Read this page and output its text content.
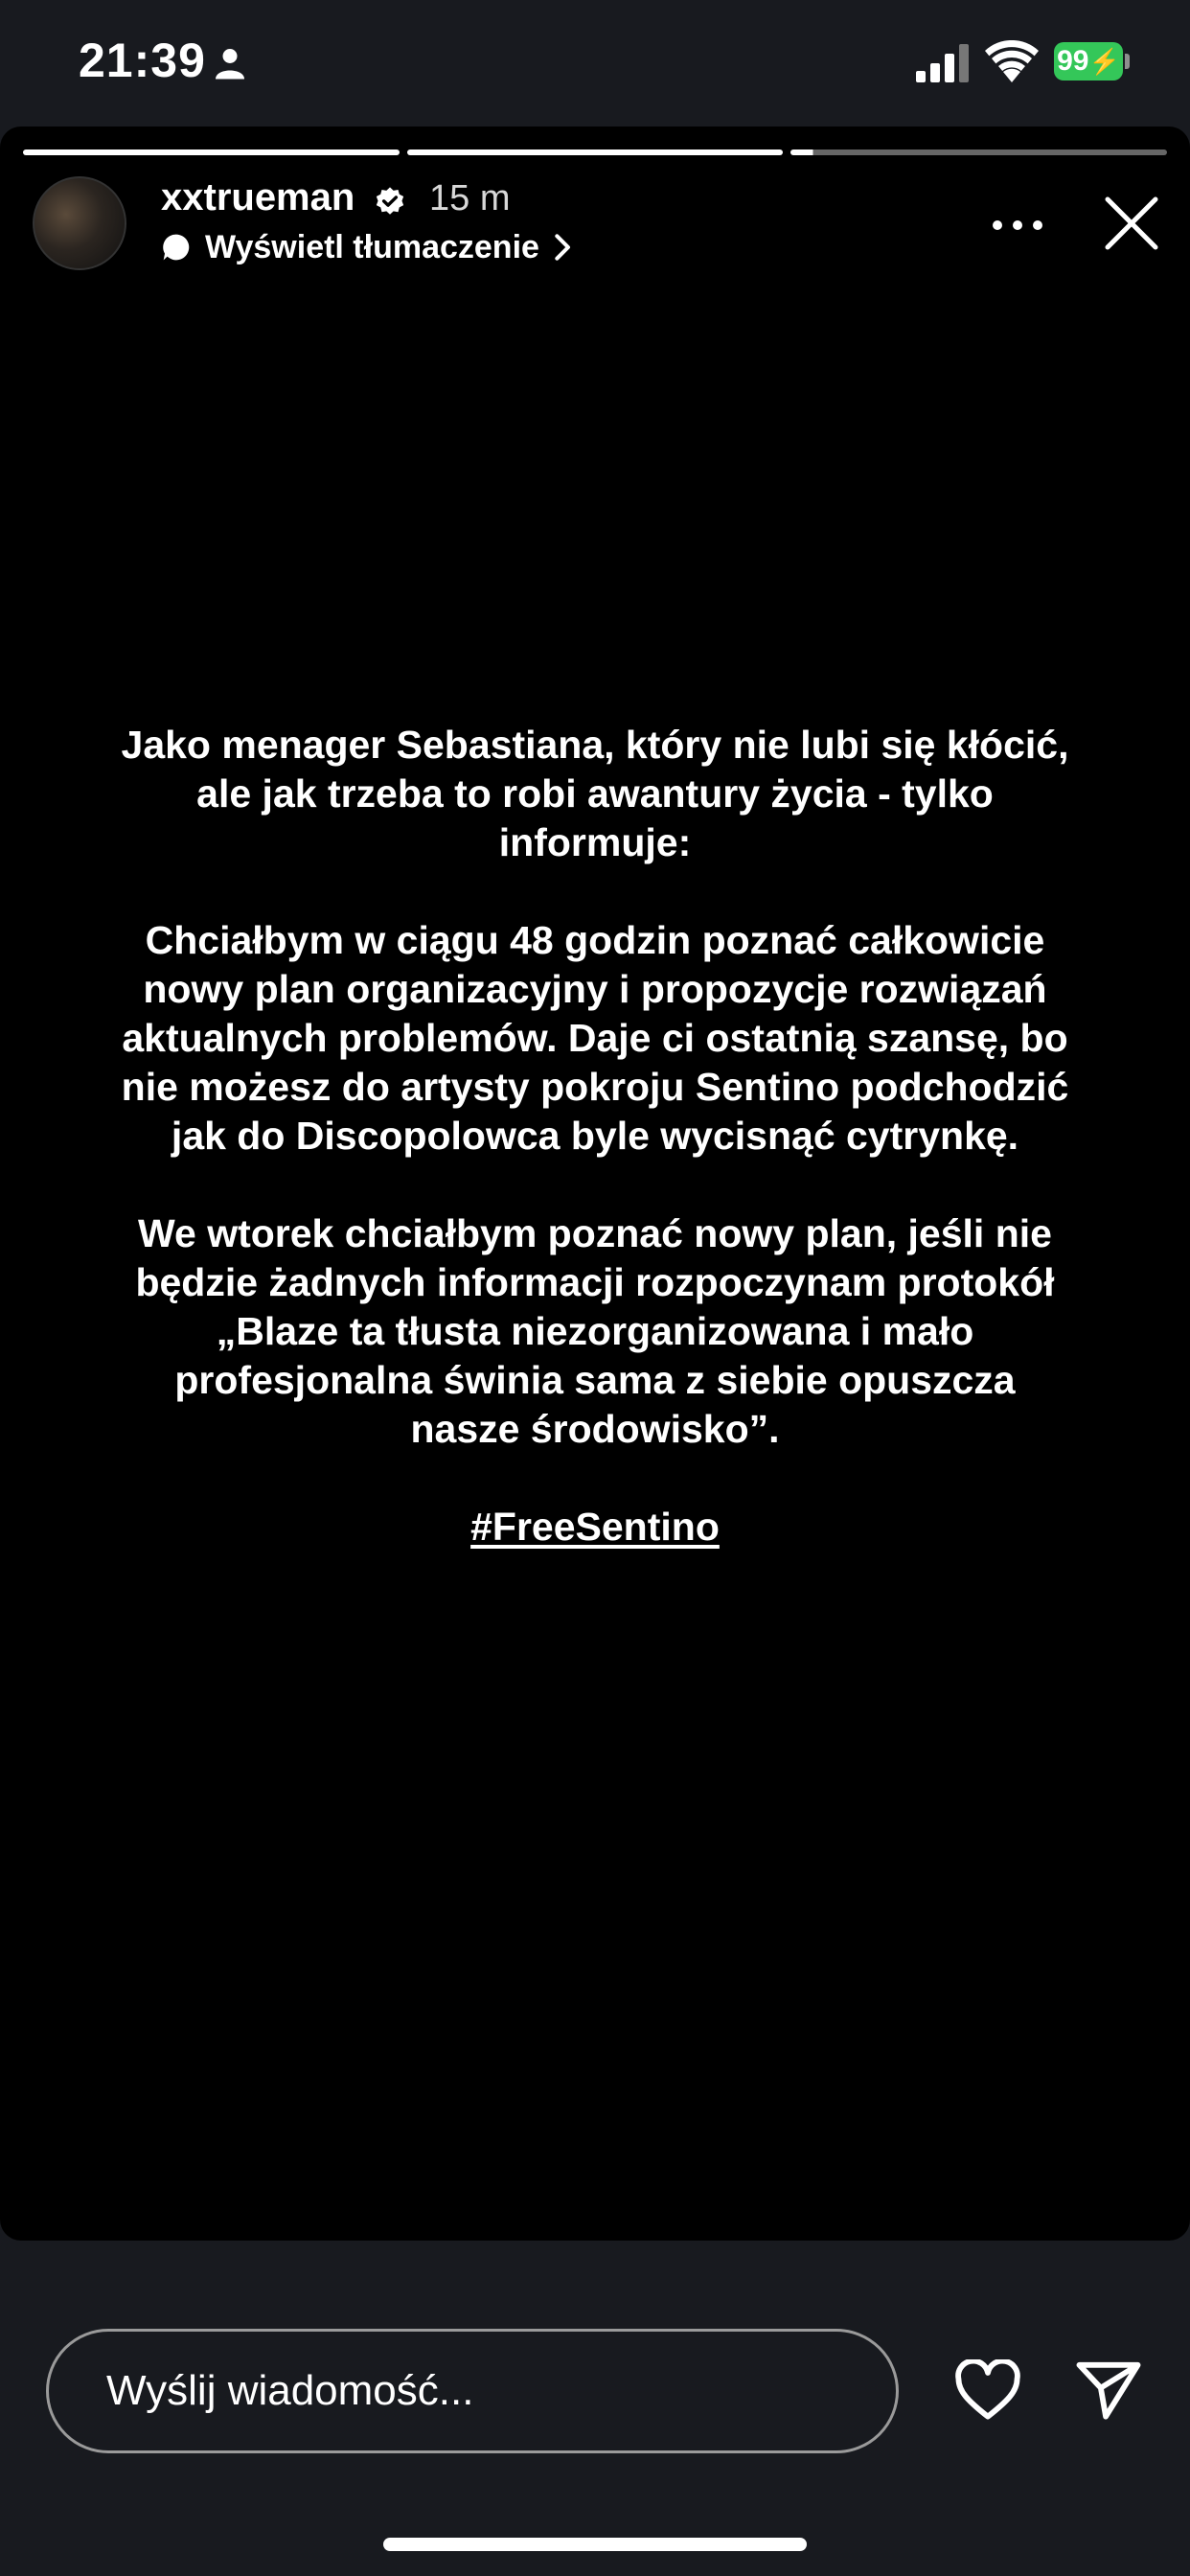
21:39	99 ⚡
xxtrueman 15 m
Wyświetl tłumaczenie

Jako menager Sebastiana, który nie lubi się kłócić, ale jak trzeba to robi awantury życia - tylko informuje:

Chciałbym w ciągu 48 godzin poznać całkowicie nowy plan organizacyjny i propozycje rozwiązań aktualnych problemów. Daje ci ostatnią szansę, bo nie możesz do artysty pokroju Sentino podchodzić jak do Discopolowca byle wycisnąć cytrynkę.

We wtorek chciałbym poznać nowy plan, jeśli nie będzie żadnych informacji rozpoczynam protokół „Blaze ta tłusta niezorganizowana i mało profesjonalna świnia sama z siebie opuszcza nasze środowisko”.

#FreeSentino

Wyślij wiadomość...
